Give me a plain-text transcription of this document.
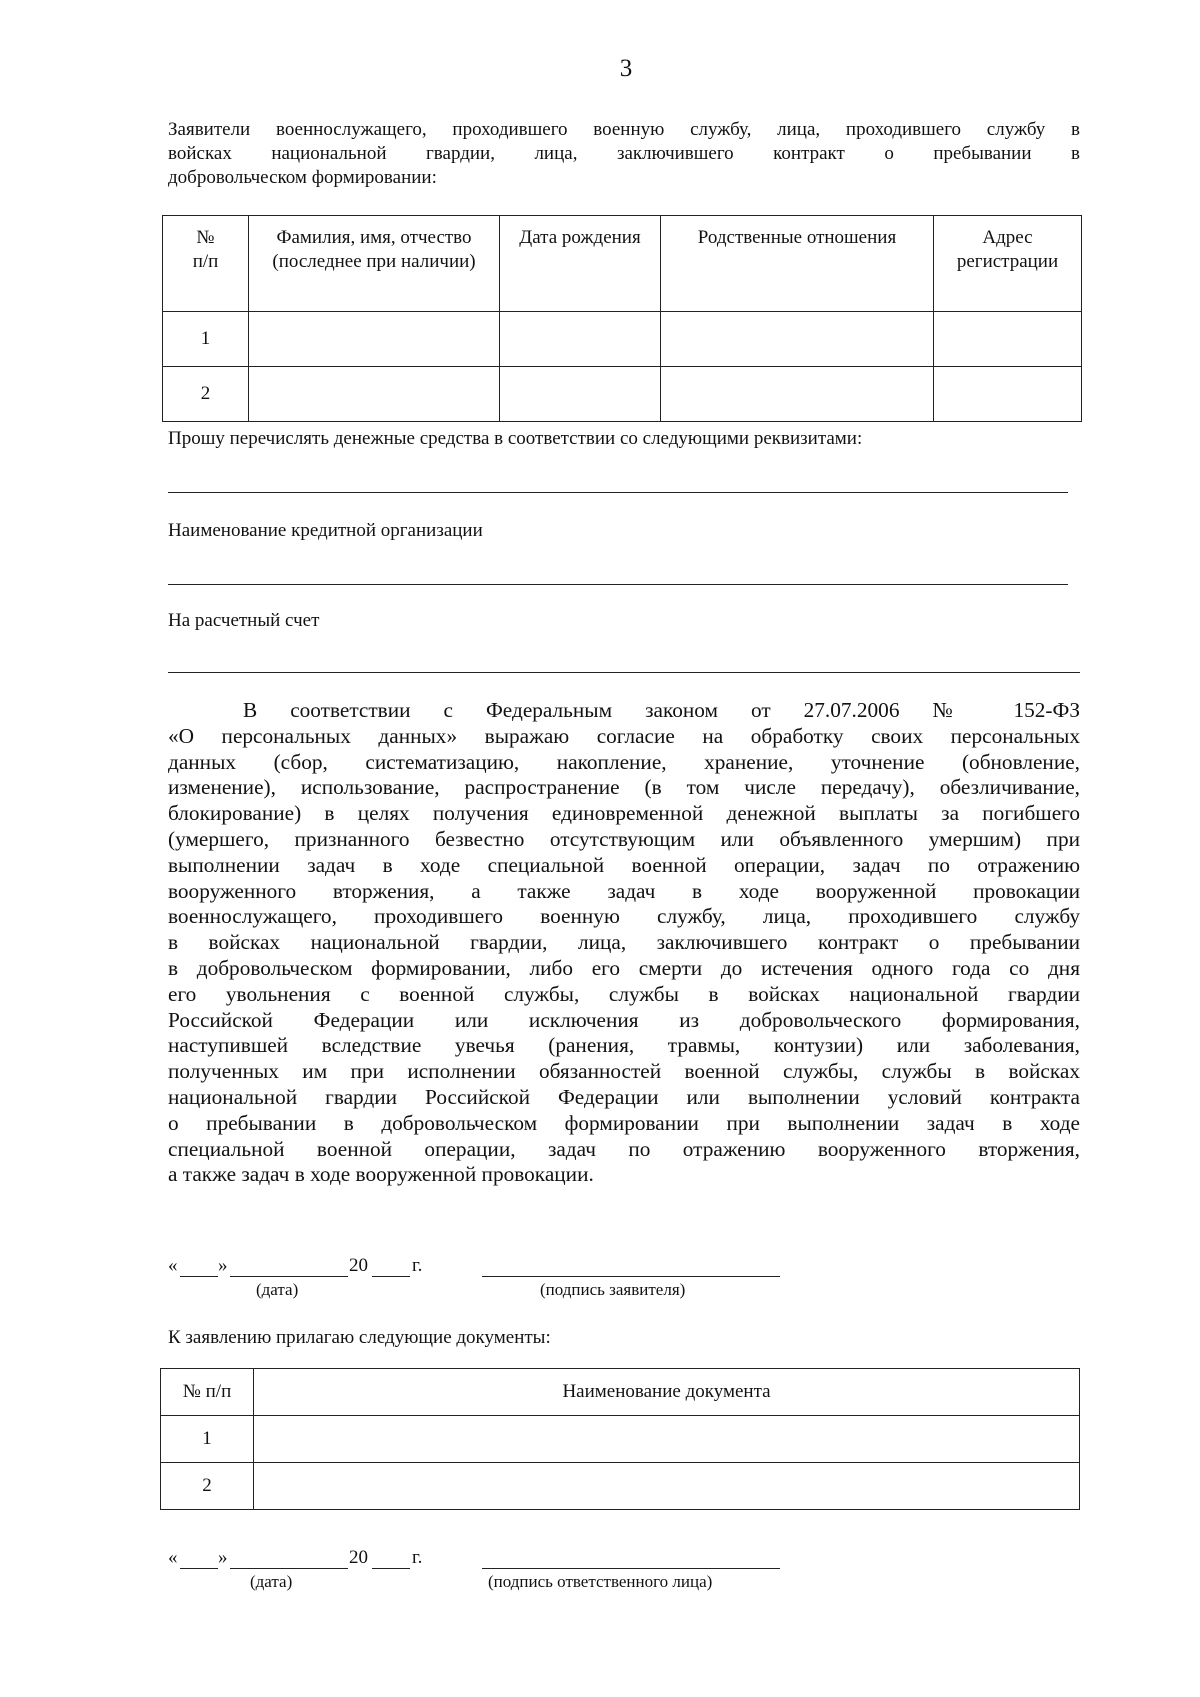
3
Заявители военнослужащего, проходившего военную службу, лица, проходившего службу в
войсках национальной гвардии, лица, заключившего контракт о пребывании в
добровольческом формировании:
№
п/п	Фамилия, имя, отчество (последнее при наличии)	Дата рождения	Родственные отношения	Адрес регистрации
1				
2				
Прошу перечислять денежные средства в соответствии со следующими реквизитами:
Наименование кредитной организации
На расчетный счет
В соответствии с Федеральным законом от 27.07.2006 № 152-ФЗ
«О персональных данных» выражаю согласие на обработку своих персональных
данных (сбор, систематизацию, накопление, хранение, уточнение (обновление,
изменение), использование, распространение (в том числе передачу), обезличивание,
блокирование) в целях получения единовременной денежной выплаты за погибшего
(умершего, признанного безвестно отсутствующим или объявленного умершим) при
выполнении задач в ходе специальной военной операции, задач по отражению
вооруженного вторжения, а также задач в ходе вооруженной провокации
военнослужащего, проходившего военную службу, лица, проходившего службу
в войсках национальной гвардии, лица, заключившего контракт о пребывании
в добровольческом формировании, либо его смерти до истечения одного года со дня
его увольнения с военной службы, службы в войсках национальной гвардии
Российской Федерации или исключения из добровольческого формирования,
наступившей вследствие увечья (ранения, травмы, контузии) или заболевания,
полученных им при исполнении обязанностей военной службы, службы в войсках
национальной гвардии Российской Федерации или выполнении условий контракта
о пребывании в добровольческом формировании при выполнении задач в ходе
специальной военной операции, задач по отражению вооруженного вторжения,
а также задач в ходе вооруженной провокации.
« »	20 г.
(дата)	(подпись заявителя)
К заявлению прилагаю следующие документы:
№ п/п	Наименование документа
1	
2	
« »	20 г.
(дата)	(подпись ответственного лица)
